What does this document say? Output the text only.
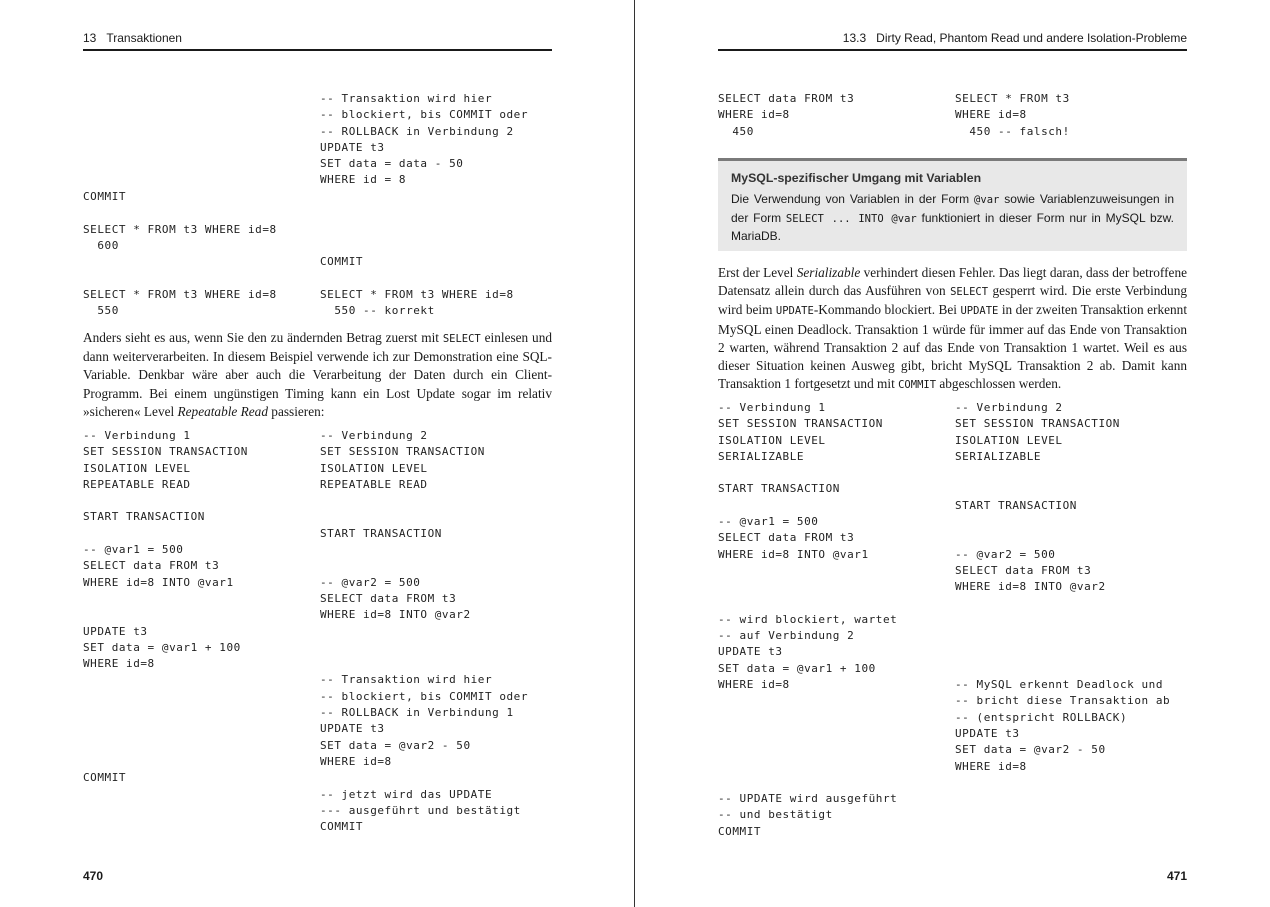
13 Transaktionen
-- Transaktion wird hier
-- blockiert, bis COMMIT oder
-- ROLLBACK in Verbindung 2
UPDATE t3
SET data = data - 50
WHERE id = 8
COMMIT

SELECT * FROM t3 WHERE id=8
600
COMMIT
SELECT * FROM t3 WHERE id=8
550
SELECT * FROM t3 WHERE id=8
550 -- korrekt

Anders sieht es aus, wenn Sie den zu ändernden Betrag zuerst mit SELECT einlesen und dann weiterverarbeiten. In diesem Beispiel verwende ich zur Demonstration eine SQL-Variable. Denkbar wäre aber auch die Verarbeitung der Daten durch ein Client-Programm. Bei einem ungünstigen Timing kann ein Lost Update sogar im relativ »sicheren« Level Repeatable Read passieren:

-- Verbindung 1
SET SESSION TRANSACTION
ISOLATION LEVEL
REPEATABLE READ

START TRANSACTION

-- @var1 = 500
SELECT data FROM t3
WHERE id=8 INTO @var1

UPDATE t3
SET data = @var1 + 100
WHERE id=8

COMMIT
-- Verbindung 2
SET SESSION TRANSACTION
ISOLATION LEVEL
REPEATABLE READ

START TRANSACTION

-- @var2 = 500
SELECT data FROM t3
WHERE id=8 INTO @var2

-- Transaktion wird hier
-- blockiert, bis COMMIT oder
-- ROLLBACK in Verbindung 1
UPDATE t3
SET data = @var2 - 50
WHERE id=8

-- jetzt wird das UPDATE
--- ausgeführt und bestätigt
COMMIT
470
13.3 Dirty Read, Phantom Read und andere Isolation-Probleme
SELECT data FROM t3
WHERE id=8
450
SELECT * FROM t3
WHERE id=8
450 -- falsch!
MySQL-spezifischer Umgang mit Variablen
Die Verwendung von Variablen in der Form @var sowie Variablenzuweisungen in der Form SELECT ... INTO @var funktioniert in dieser Form nur in MySQL bzw. MariaDB.

Erst der Level Serializable verhindert diesen Fehler. Das liegt daran, dass der betroffene Datensatz allein durch das Ausführen von SELECT gesperrt wird. Die erste Verbindung wird beim UPDATE-Kommando blockiert. Bei UPDATE in der zweiten Transaktion erkennt MySQL einen Deadlock. Transaktion 1 würde für immer auf das Ende von Transaktion 2 warten, während Transaktion 2 auf das Ende von Transaktion 1 wartet. Weil es aus dieser Situation keinen Ausweg gibt, bricht MySQL Transaktion 2 ab. Damit kann Transaktion 1 fortgesetzt und mit COMMIT abgeschlossen werden.

-- Verbindung 1
SET SESSION TRANSACTION
ISOLATION LEVEL
SERIALIZABLE

START TRANSACTION

-- @var1 = 500
SELECT data FROM t3
WHERE id=8 INTO @var1

-- wird blockiert, wartet
-- auf Verbindung 2
UPDATE t3
SET data = @var1 + 100
WHERE id=8

-- UPDATE wird ausgeführt
-- und bestätigt
COMMIT
-- Verbindung 2
SET SESSION TRANSACTION
ISOLATION LEVEL
SERIALIZABLE

START TRANSACTION

-- @var2 = 500
SELECT data FROM t3
WHERE id=8 INTO @var2

-- MySQL erkennt Deadlock und
-- bricht diese Transaktion ab
-- (entspricht ROLLBACK)
UPDATE t3
SET data = @var2 - 50
WHERE id=8
471
